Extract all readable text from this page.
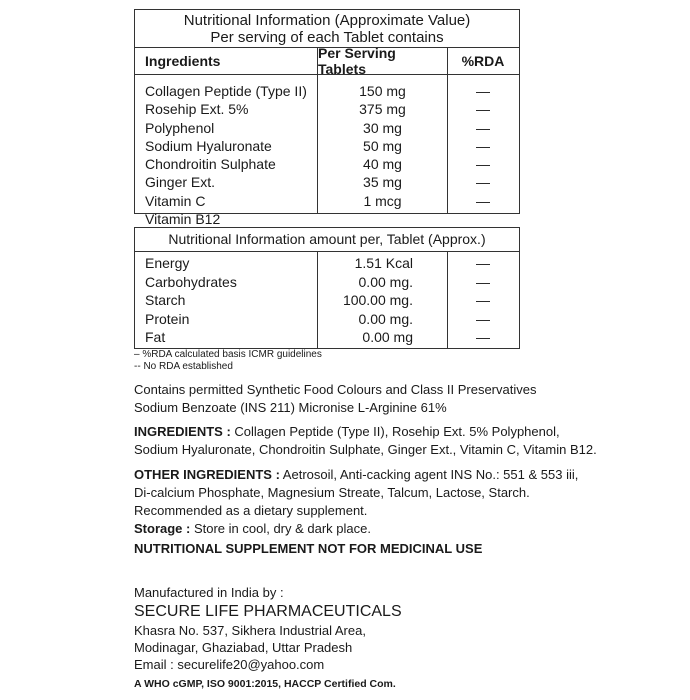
Nutritional Information (Approximate Value)
Per serving of each Tablet contains
Ingredients	Per Serving Tablets	%RDA
Collagen Peptide (Type II)
Rosehip Ext. 5% Polyphenol
Sodium Hyaluronate
Chondroitin Sulphate
Ginger Ext.
Vitamin C
Vitamin B12
150 mg
375 mg
30 mg
50 mg
40 mg
35 mg
1 mcg
—
—
—
—
—
—
—
Nutritional Information amount per, Tablet (Approx.)
Energy
Carbohydrates
Starch
Protein
Fat
1.51 Kcal
0.00 mg.
100.00 mg.
0.00 mg.
0.00 mg
—
—
—
—
—
– %RDA calculated basis ICMR guidelines
-- No RDA established
Contains permitted Synthetic Food Colours and Class II Preservatives
Sodium Benzoate (INS 211) Micronise L-Arginine 61%
INGREDIENTS : Collagen Peptide (Type II), Rosehip Ext. 5% Polyphenol,
Sodium Hyaluronate, Chondroitin Sulphate, Ginger Ext., Vitamin C, Vitamin B12.
OTHER INGREDIENTS : Aetrosoil, Anti-cacking agent INS No.: 551 & 553 iii,
Di-calcium Phosphate, Magnesium Streate, Talcum, Lactose, Starch.
Recommended as a dietary supplement.
Storage : Store in cool, dry & dark place.
NUTRITIONAL SUPPLEMENT NOT FOR MEDICINAL USE
Manufactured in India by :
SECURE LIFE PHARMACEUTICALS
Khasra No. 537, Sikhera Industrial Area,
Modinagar, Ghaziabad, Uttar Pradesh
Email : securelife20@yahoo.com
A WHO cGMP, ISO 9001:2015, HACCP Certified Com.
